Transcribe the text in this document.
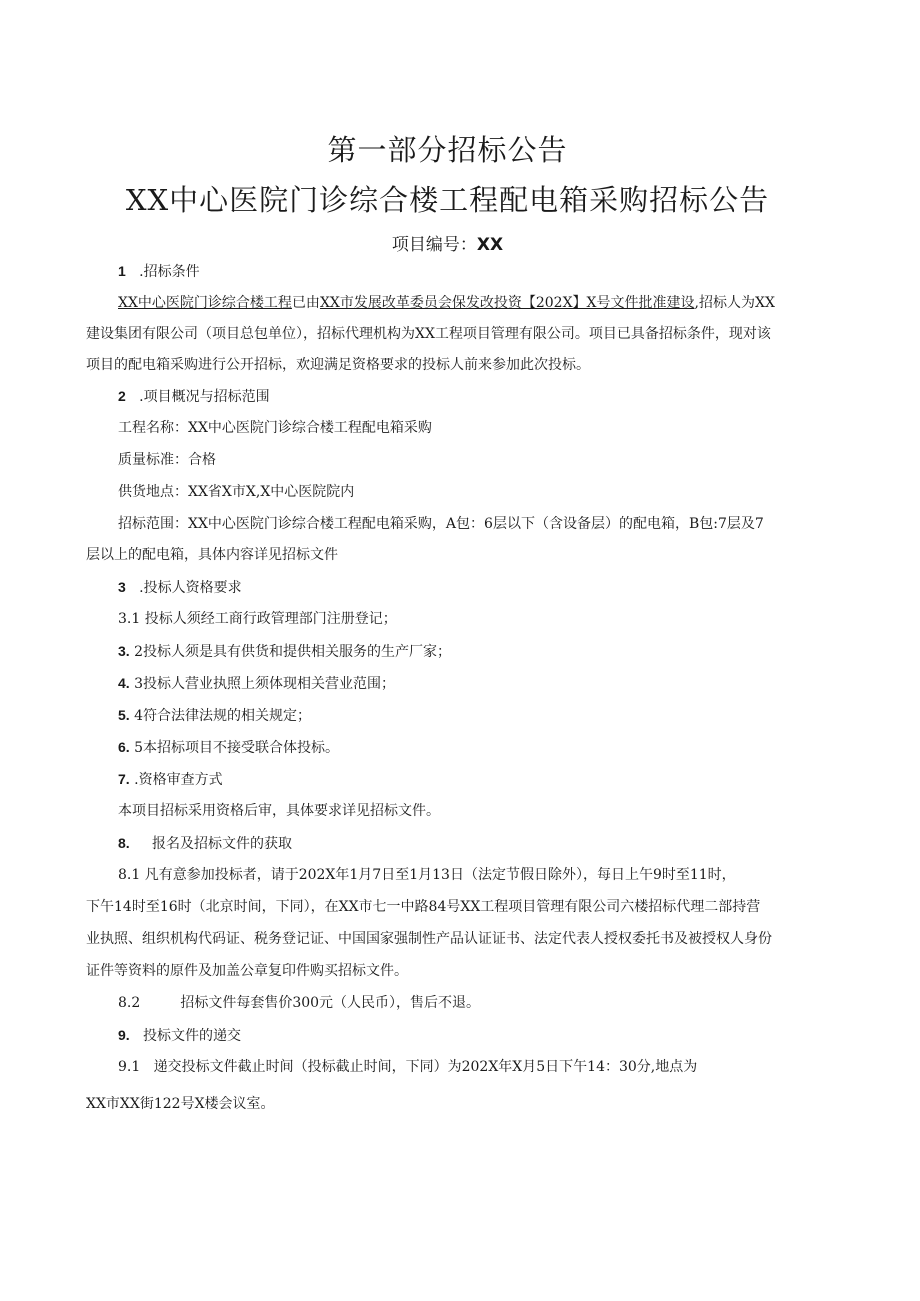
第一部分招标公告
XX中心医院门诊综合楼工程配电箱采购招标公告
项目编号：XX
1 .招标条件
XX中心医院门诊综合楼工程已由XX市发展改革委员会保发改投资【202X】X号文件批准建设,招标人为XX
建设集团有限公司（项目总包单位），招标代理机构为XX工程项目管理有限公司。项目已具备招标条件，现对该
项目的配电箱采购进行公开招标，欢迎满足资格要求的投标人前来参加此次投标。
2 .项目概况与招标范围
工程名称：XX中心医院门诊综合楼工程配电箱采购
质量标准：合格
供货地点：XX省X市X,X中心医院院内
招标范围：XX中心医院门诊综合楼工程配电箱采购，A包：6层以下（含设备层）的配电箱，B包:7层及7
层以上的配电箱，具体内容详见招标文件
3 .投标人资格要求
3.1 投标人须经工商行政管理部门注册登记；
3. 2投标人须是具有供货和提供相关服务的生产厂家；
4. 3投标人营业执照上须体现相关营业范围；
5. 4符合法律法规的相关规定；
6. 5本招标项目不接受联合体投标。
7. .资格审查方式
本项目招标采用资格后审，具体要求详见招标文件。
8. 报名及招标文件的获取
8.1 凡有意参加投标者，请于202X年1月7日至1月13日（法定节假日除外），每日上午9时至11时，
下午14时至16时（北京时间，下同），在XX市七一中路84号XX工程项目管理有限公司六楼招标代理二部持营
业执照、组织机构代码证、税务登记证、中国国家强制性产品认证证书、法定代表人授权委托书及被授权人身份
证件等资料的原件及加盖公章复印件购买招标文件。
8.2         招标文件每套售价300元（人民币），售后不退。
9. 投标文件的递交
9.1   递交投标文件截止时间（投标截止时间，下同）为202X年X月5日下午14：30分,地点为
XX市XX街122号X楼会议室。
